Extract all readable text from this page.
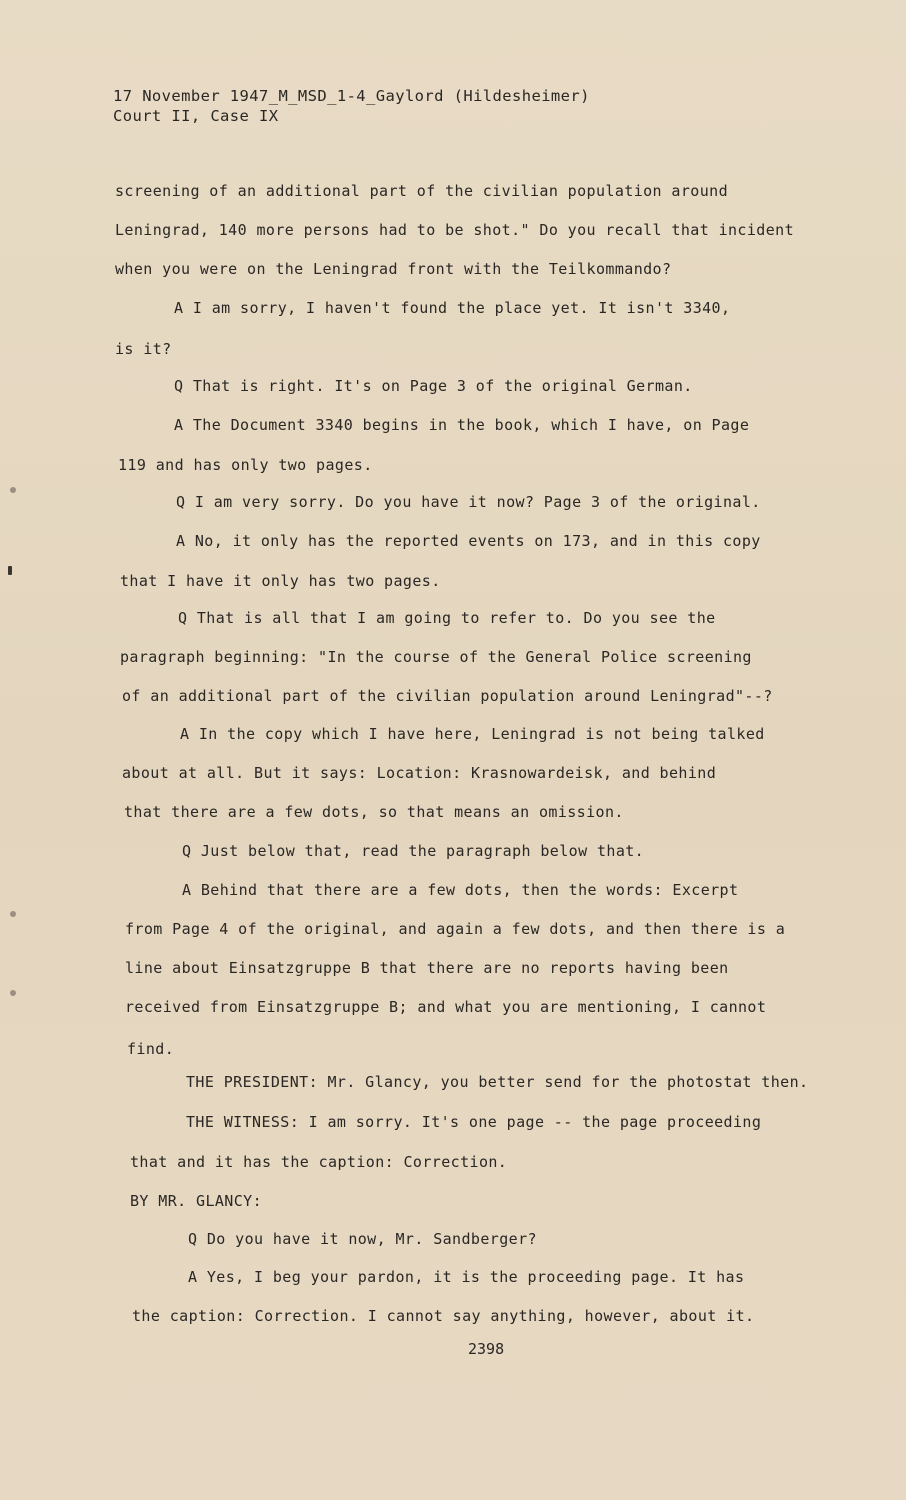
17 November 1947_M_MSD_1-4_Gaylord (Hildesheimer)
Court II, Case IX
screening of an additional part of the civilian population around
Leningrad, 140 more persons had to be shot." Do you recall that incident
when you were on the Leningrad front with the Teilkommando?
A I am sorry, I haven't found the place yet. It isn't 3340,
is it?
Q That is right. It's on Page 3 of the original German.
A The Document 3340 begins in the book, which I have, on Page
119 and has only two pages.
Q I am very sorry. Do you have it now? Page 3 of the original.
A No, it only has the reported events on 173, and in this copy
that I have it only has two pages.
Q That is all that I am going to refer to. Do you see the
paragraph beginning: "In the course of the General Police screening
of an additional part of the civilian population around Leningrad"--?
A In the copy which I have here, Leningrad is not being talked
about at all. But it says: Location: Krasnowardeisk, and behind
that there are a few dots, so that means an omission.
Q Just below that, read the paragraph below that.
A Behind that there are a few dots, then the words: Excerpt
from Page 4 of the original, and again a few dots, and then there is a
line about Einsatzgruppe B that there are no reports having been
received from Einsatzgruppe B; and what you are mentioning, I cannot
find.
THE PRESIDENT: Mr. Glancy, you better send for the photostat then.
THE WITNESS: I am sorry. It's one page -- the page proceeding
that and it has the caption: Correction.
BY MR. GLANCY:
Q Do you have it now, Mr. Sandberger?
A Yes, I beg your pardon, it is the proceeding page. It has
the caption: Correction. I cannot say anything, however, about it.
2398
